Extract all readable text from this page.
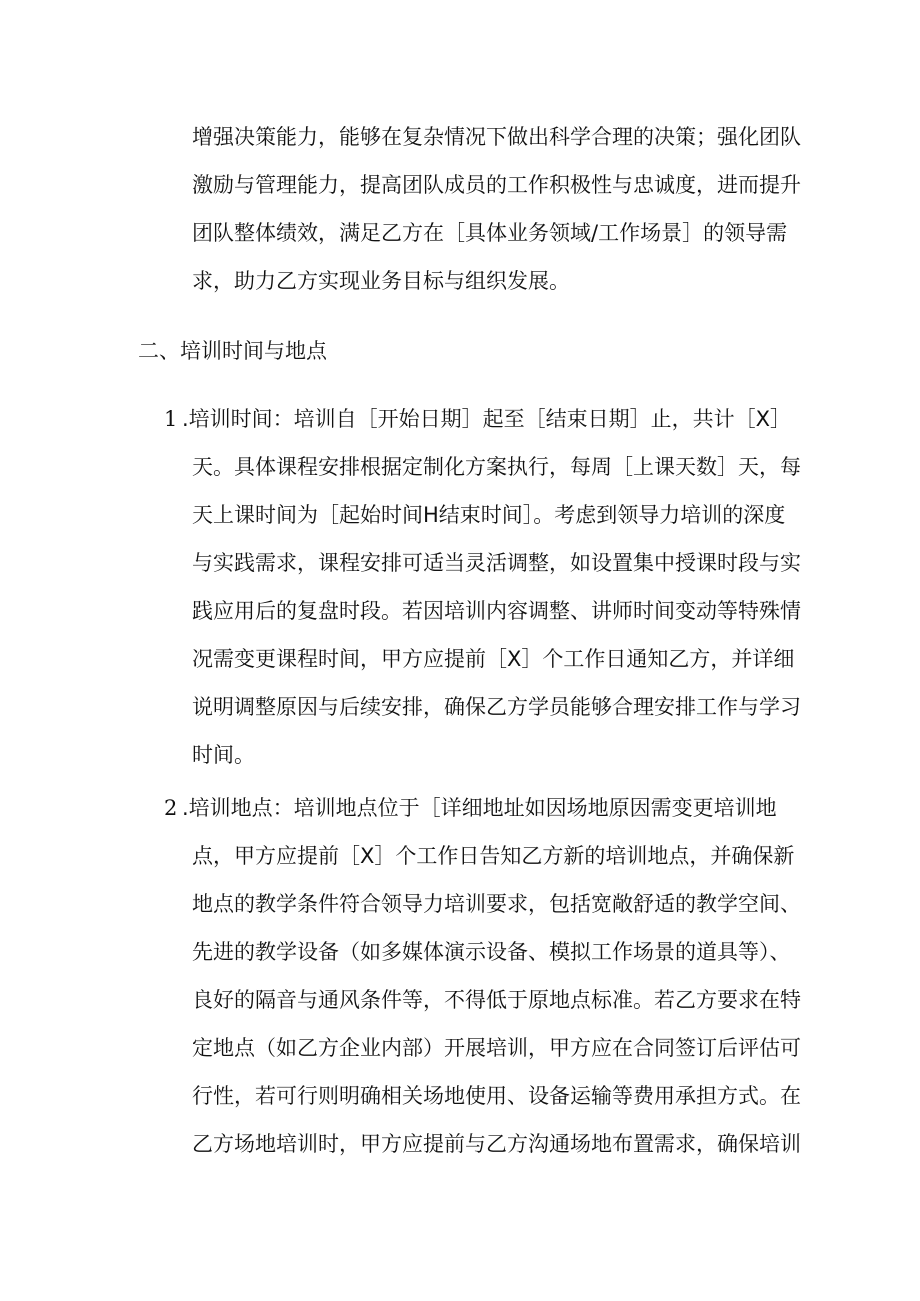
增强决策能力，能够在复杂情况下做出科学合理的决策；强化团队
激励与管理能力，提高团队成员的工作积极性与忠诚度，进而提升
团队整体绩效，满足乙方在［具体业务领域/工作场景］的领导需
求，助力乙方实现业务目标与组织发展。
二、培训时间与地点
1 .培训时间：培训自［开始日期］起至［结束日期］止，共计［X］
天。具体课程安排根据定制化方案执行，每周［上课天数］天，每
天上课时间为［起始时间H结束时间］。考虑到领导力培训的深度
与实践需求，课程安排可适当灵活调整，如设置集中授课时段与实
践应用后的复盘时段。若因培训内容调整、讲师时间变动等特殊情
况需变更课程时间，甲方应提前［X］个工作日通知乙方，并详细
说明调整原因与后续安排，确保乙方学员能够合理安排工作与学习
时间。
2 .培训地点：培训地点位于［详细地址如因场地原因需变更培训地
点，甲方应提前［X］个工作日告知乙方新的培训地点，并确保新
地点的教学条件符合领导力培训要求，包括宽敞舒适的教学空间、
先进的教学设备（如多媒体演示设备、模拟工作场景的道具等）、
良好的隔音与通风条件等，不得低于原地点标准。若乙方要求在特
定地点（如乙方企业内部）开展培训，甲方应在合同签订后评估可
行性，若可行则明确相关场地使用、设备运输等费用承担方式。在
乙方场地培训时，甲方应提前与乙方沟通场地布置需求，确保培训
